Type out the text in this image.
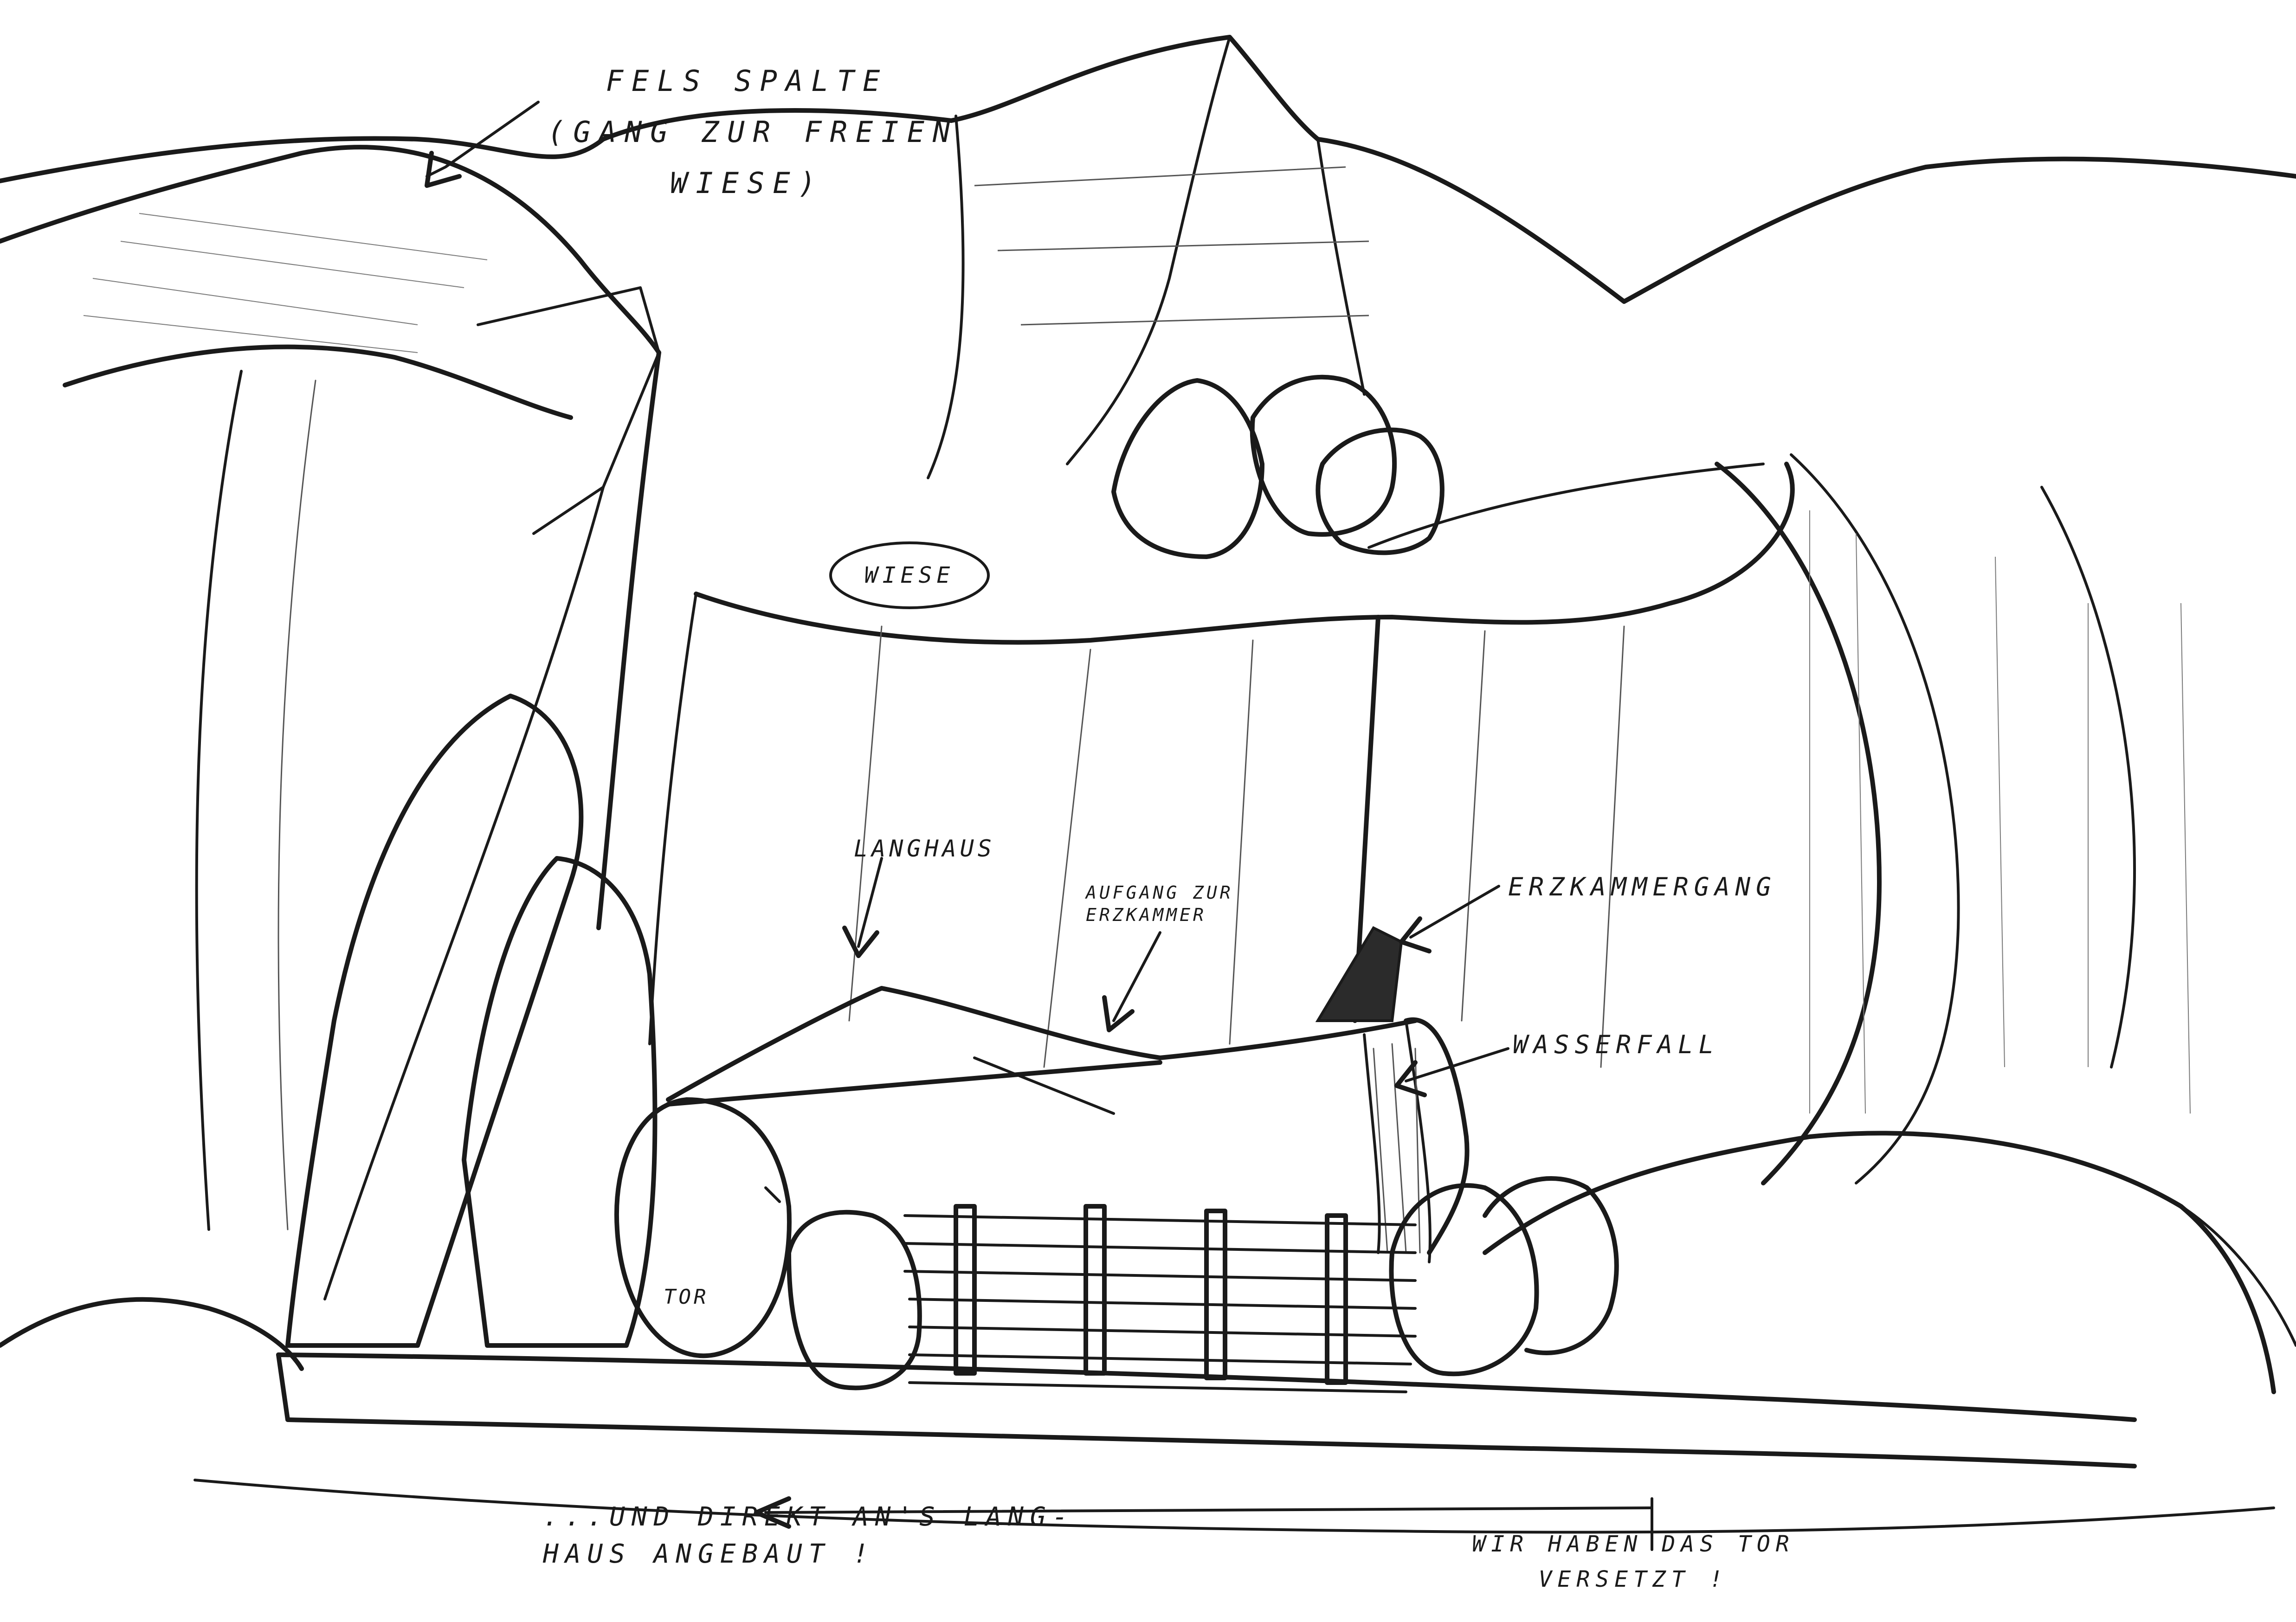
FELS SPALTE
(GANG ZUR FREIEN
WIESE)
WIESE
LANGHAUS
AUFGANG ZUR
ERZKAMMER
ERZKAMMERGANG
WASSERFALL
TOR
...UND DIREKT AN'S LANG-
HAUS ANGEBAUT !	WIR HABEN DAS TOR
VERSETZT !
